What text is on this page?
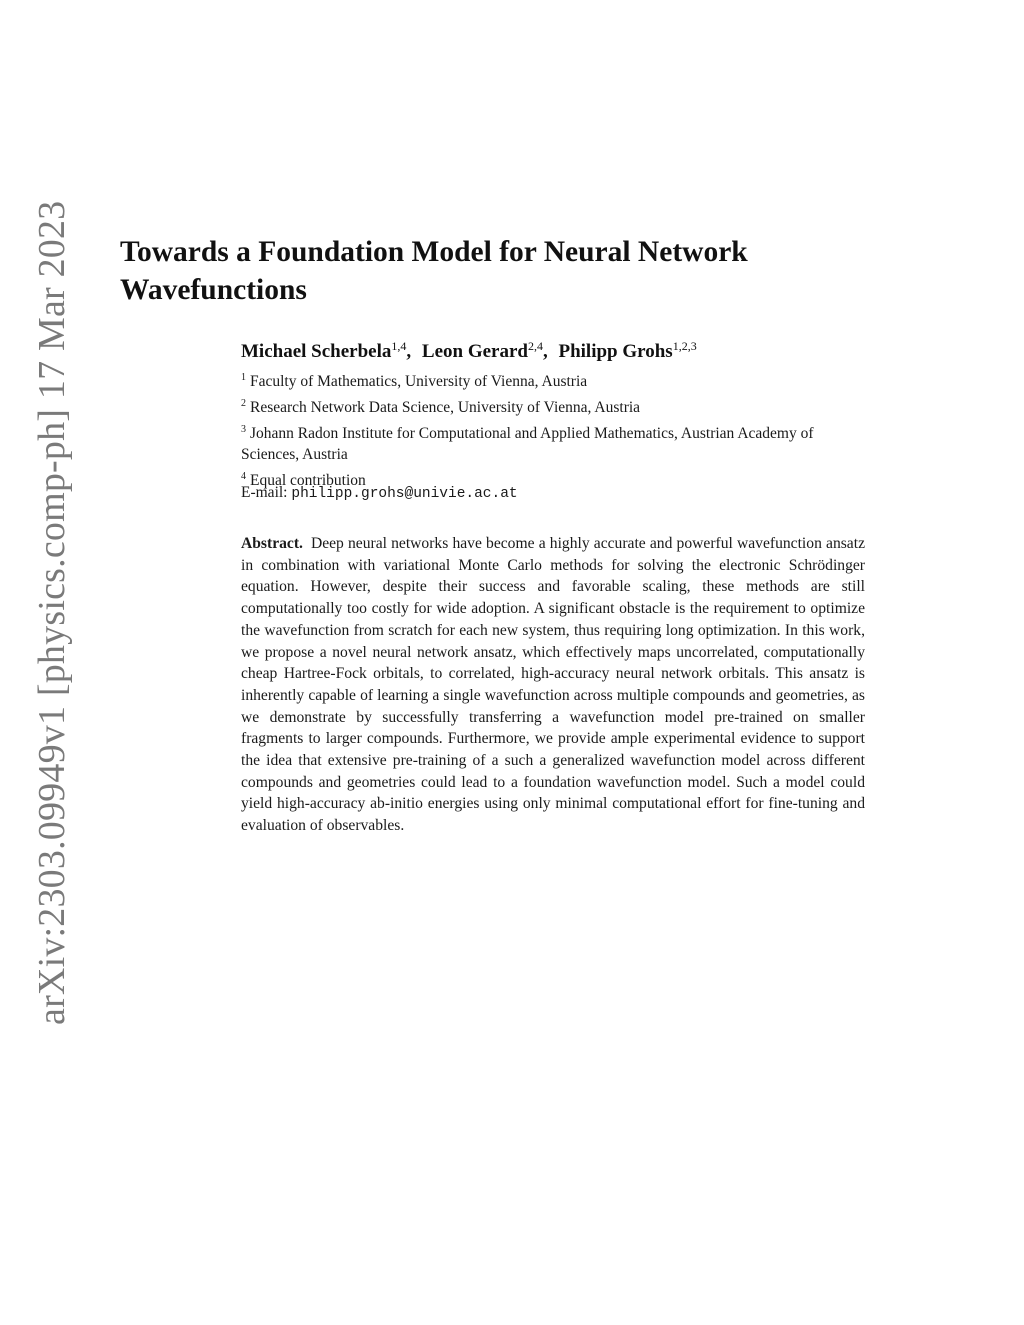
arXiv:2303.09949v1 [physics.comp-ph] 17 Mar 2023 Towards a Foundation Model for Neural Network Wavefunctions
Michael Scherbela$^{1,4}$, Leon Gerard$^{2,4}$, Philipp Grohs$^{1,2,3}$

$^1$ Faculty of Mathematics, University of Vienna, Austria

$^2$ Research Network Data Science, University of Vienna, Austria

$^3$ Johann Radon Institute for Computational and Applied Mathematics, Austrian Academy of Sciences, Austria

$^4$ Equal contribution

E-mail: philipp.grohs@univie.ac.at
Abstract. Deep neural networks have become a highly accurate and powerful wavefunction ansatz in combination with variational Monte Carlo methods for solving the electronic Schrödinger equation. However, despite their success and favorable scaling, these methods are still computationally too costly for wide adoption. A significant obstacle is the requirement to optimize the wavefunction from scratch for each new system, thus requiring long optimization. In this work, we propose a novel neural network ansatz, which effectively maps uncorrelated, computationally cheap Hartree-Fock orbitals, to correlated, high-accuracy neural network orbitals. This ansatz is inherently capable of learning a single wavefunction across multiple compounds and geometries, as we demonstrate by successfully transferring a wavefunction model pre-trained on smaller fragments to larger compounds. Furthermore, we provide ample experimental evidence to support the idea that extensive pre-training of a such a generalized wavefunction model across different compounds and geometries could lead to a foundation wavefunction model. Such a model could yield high-accuracy ab-initio energies using only minimal computational effort for fine-tuning and evaluation of observables.
